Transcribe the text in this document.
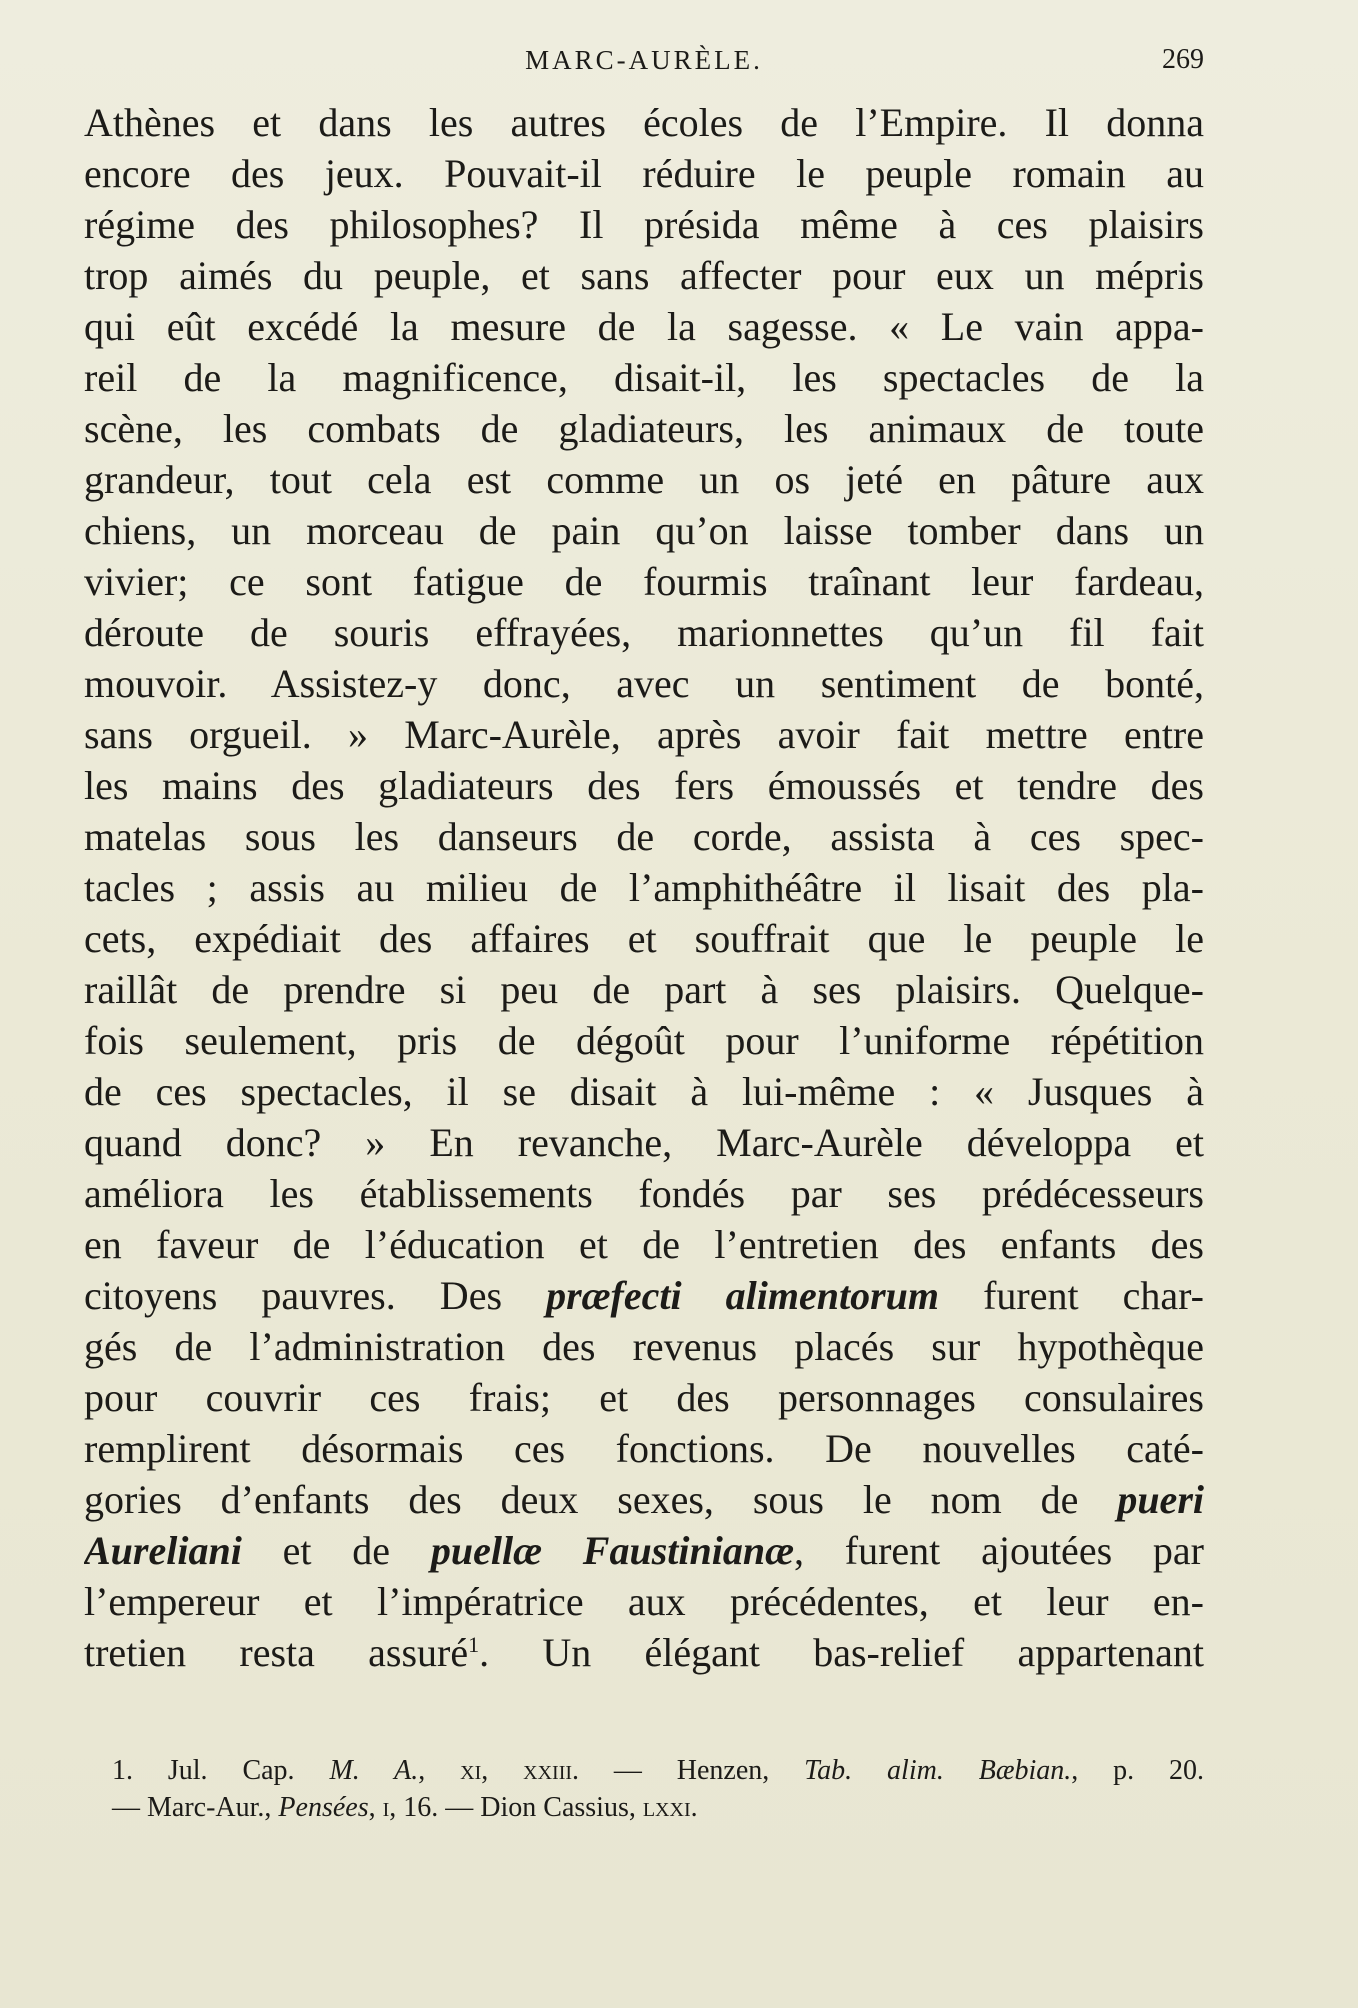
MARC-AURÈLE.	269
Athènes et dans les autres écoles de l’Empire. Il donna
encore des jeux. Pouvait-il réduire le peuple romain au
régime des philosophes? Il présida même à ces plaisirs
trop aimés du peuple, et sans affecter pour eux un mépris
qui eût excédé la mesure de la sagesse. « Le vain appa-
reil de la magnificence, disait-il, les spectacles de la
scène, les combats de gladiateurs, les animaux de toute
grandeur, tout cela est comme un os jeté en pâture aux
chiens, un morceau de pain qu’on laisse tomber dans un
vivier; ce sont fatigue de fourmis traînant leur fardeau,
déroute de souris effrayées, marionnettes qu’un fil fait
mouvoir. Assistez-y donc, avec un sentiment de bonté,
sans orgueil. » Marc-Aurèle, après avoir fait mettre entre
les mains des gladiateurs des fers émoussés et tendre des
matelas sous les danseurs de corde, assista à ces spec-
tacles ; assis au milieu de l’amphithéâtre il lisait des pla-
cets, expédiait des affaires et souffrait que le peuple le
raillât de prendre si peu de part à ses plaisirs. Quelque-
fois seulement, pris de dégoût pour l’uniforme répétition
de ces spectacles, il se disait à lui-même : « Jusques à
quand donc? » En revanche, Marc-Aurèle développa et
améliora les établissements fondés par ses prédécesseurs
en faveur de l’éducation et de l’entretien des enfants des
citoyens pauvres. Des præfecti alimentorum furent char-
gés de l’administration des revenus placés sur hypothèque
pour couvrir ces frais; et des personnages consulaires
remplirent désormais ces fonctions. De nouvelles caté-
gories d’enfants des deux sexes, sous le nom de pueri
Aureliani et de puellæ Faustinianæ, furent ajoutées par
l’empereur et l’impératrice aux précédentes, et leur en-
tretien resta assuré$^1$. Un élégant bas-relief appartenant
1. Jul. Cap. M. A., xi, xxiii. — Henzen, Tab. alim. Bæbian., p. 20.
— Marc-Aur., Pensées, i, 16. — Dion Cassius, lxxi.
